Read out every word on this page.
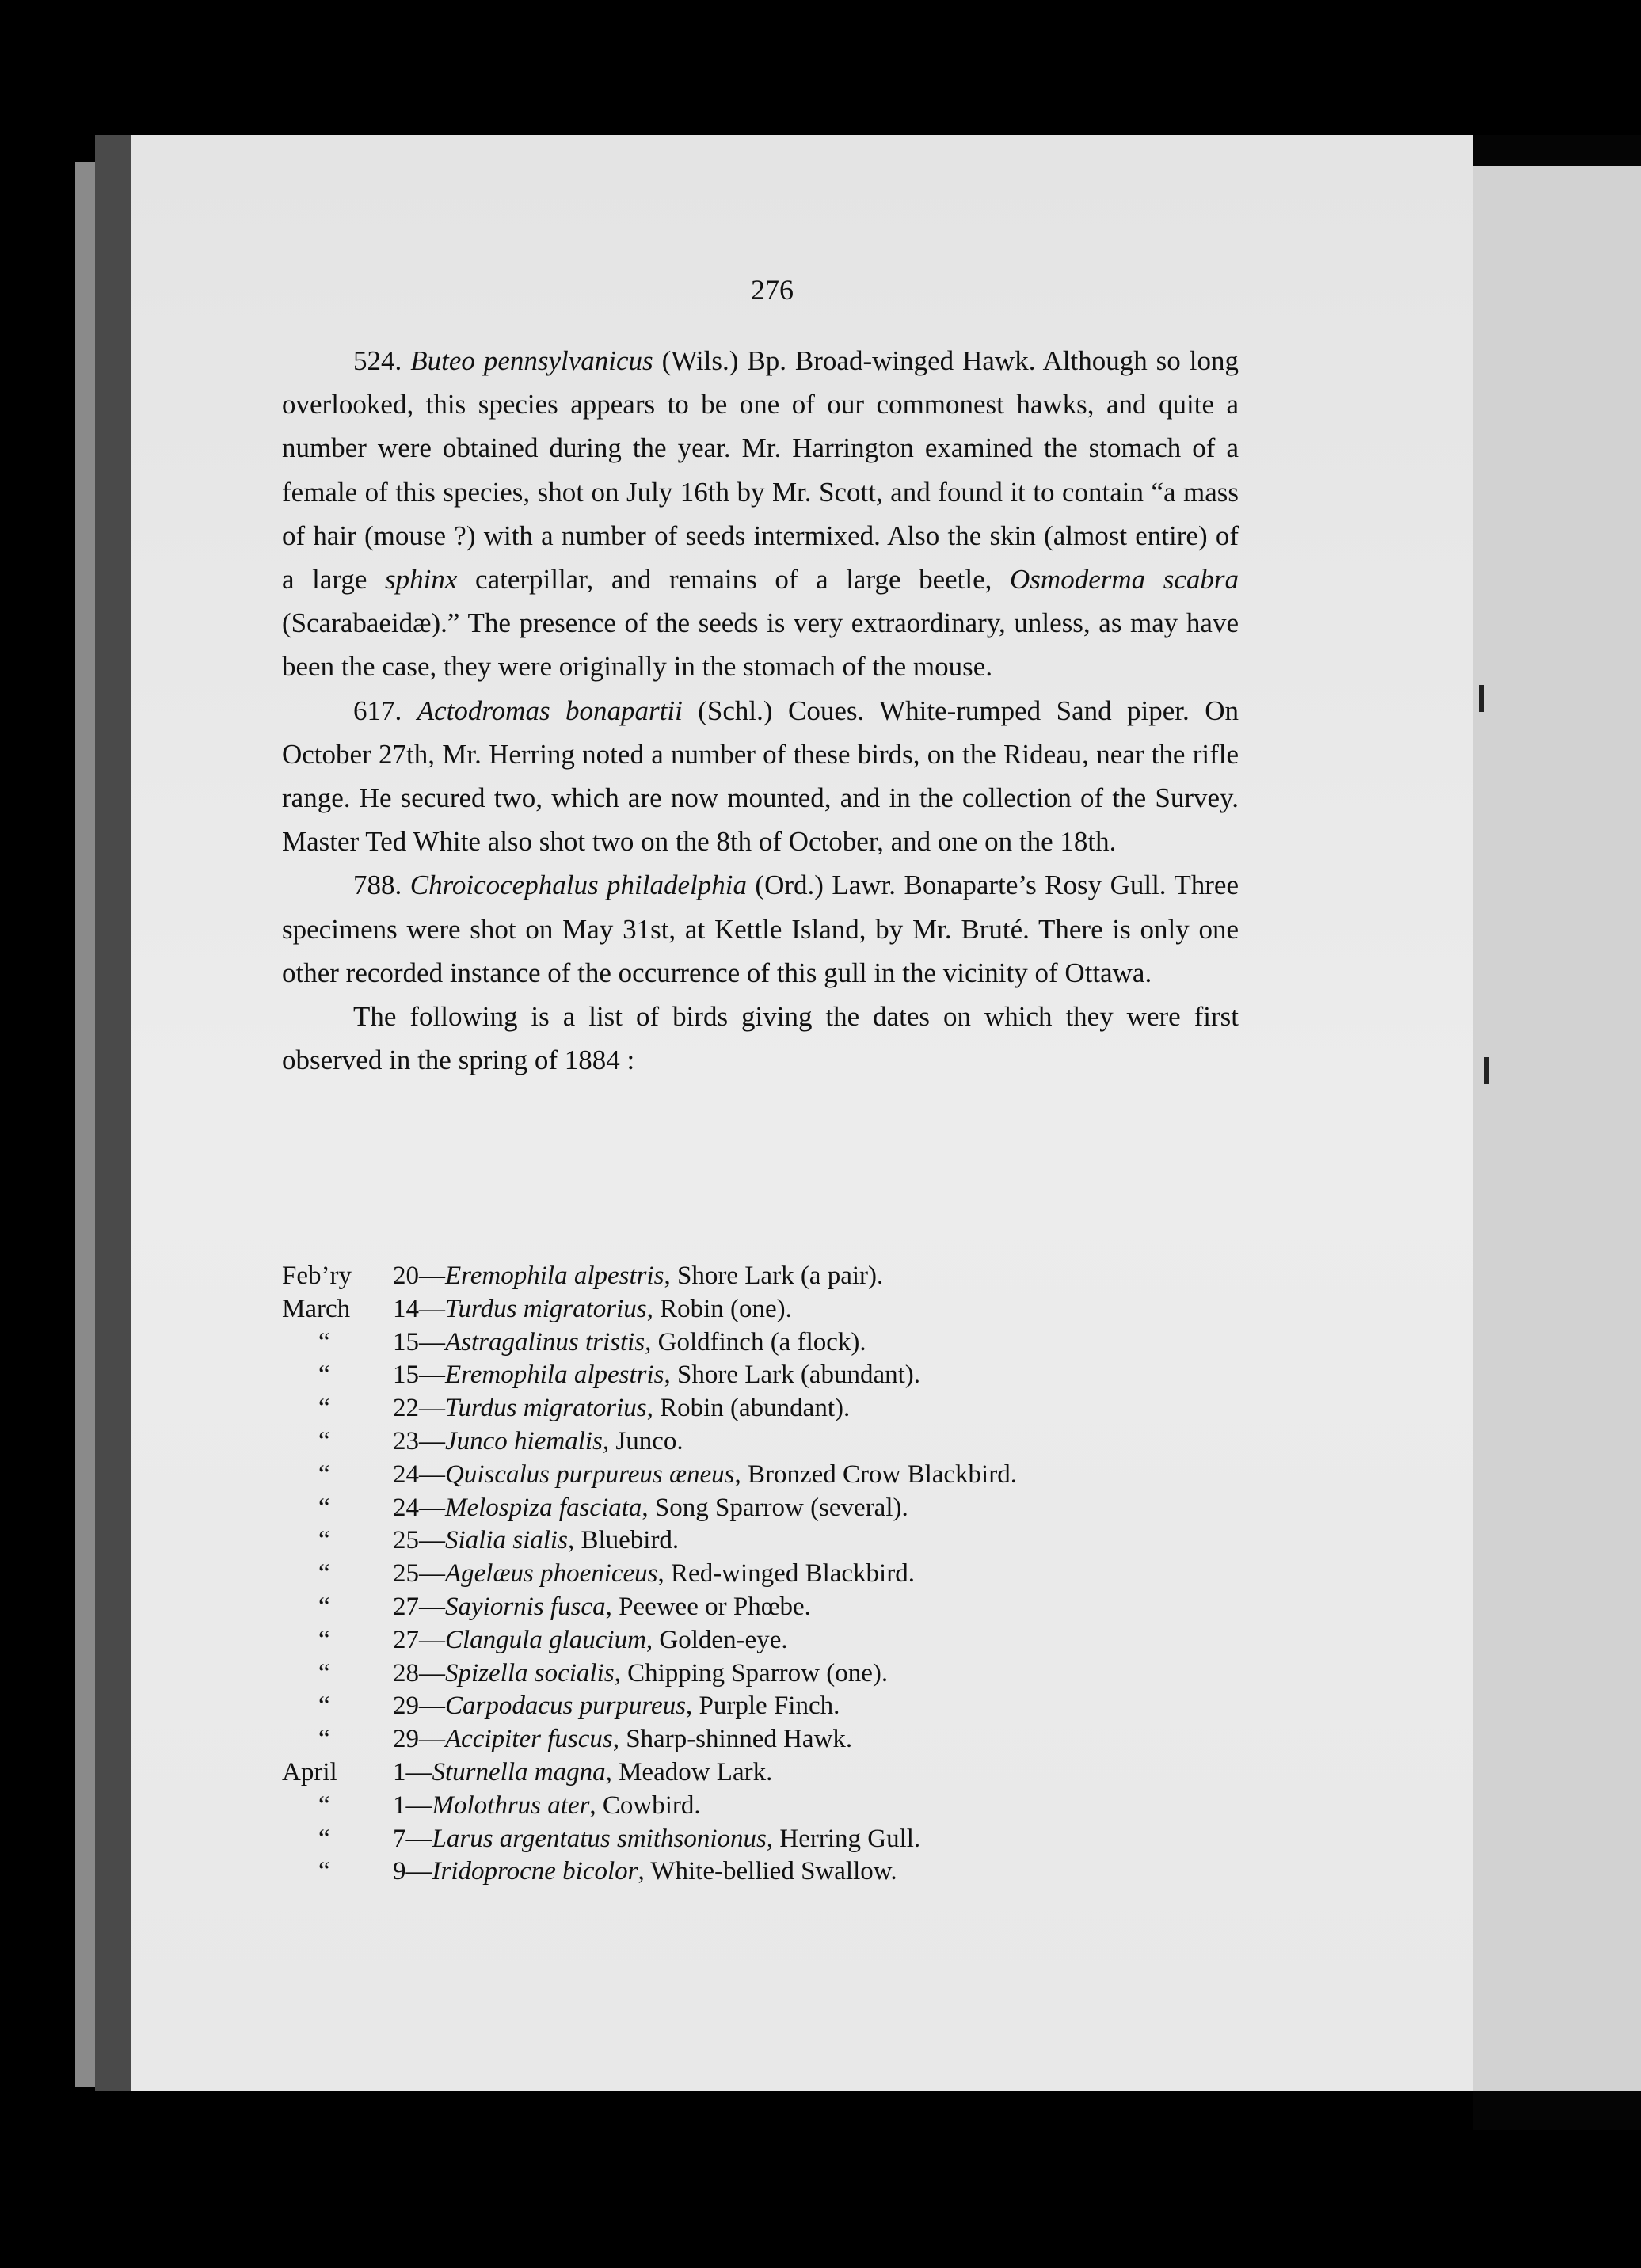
276

524. Buteo pennsylvanicus (Wils.) Bp. Broad-winged Hawk. Although so long overlooked, this species appears to be one of our commonest hawks, and quite a number were obtained during the year. Mr. Harrington examined the stomach of a female of this species, shot on July 16th by Mr. Scott, and found it to contain “a mass of hair (mouse ?) with a number of seeds intermixed. Also the skin (almost entire) of a large sphinx caterpillar, and remains of a large beetle, Osmoderma scabra (Scarabaeidæ).” The presence of the seeds is very extraordinary, unless, as may have been the case, they were originally in the stomach of the mouse.

617. Actodromas bonapartii (Schl.) Coues. White-rumped Sand piper. On October 27th, Mr. Herring noted a number of these birds, on the Rideau, near the rifle range. He secured two, which are now mounted, and in the collection of the Survey. Master Ted White also shot two on the 8th of October, and one on the 18th.

788. Chroicocephalus philadelphia (Ord.) Lawr. Bonaparte’s Rosy Gull. Three specimens were shot on May 31st, at Kettle Island, by Mr. Bruté. There is only one other recorded instance of the occurrence of this gull in the vicinity of Ottawa.

The following is a list of birds giving the dates on which they were first observed in the spring of 1884 :

Feb’ry 20—Eremophila alpestris, Shore Lark (a pair).
March 14—Turdus migratorius, Robin (one).
“ 15—Astragalinus tristis, Goldfinch (a flock).
“ 15—Eremophila alpestris, Shore Lark (abundant).
“ 22—Turdus migratorius, Robin (abundant).
“ 23—Junco hiemalis, Junco.
“ 24—Quiscalus purpureus æneus, Bronzed Crow Blackbird.
“ 24—Melospiza fasciata, Song Sparrow (several).
“ 25—Sialia sialis, Bluebird.
“ 25—Agelæus phoeniceus, Red-winged Blackbird.
“ 27—Sayiornis fusca, Peewee or Phœbe.
“ 27—Clangula glaucium, Golden-eye.
“ 28—Spizella socialis, Chipping Sparrow (one).
“ 29—Carpodacus purpureus, Purple Finch.
“ 29—Accipiter fuscus, Sharp-shinned Hawk.
April 1—Sturnella magna, Meadow Lark.
“ 1—Molothrus ater, Cowbird.
“ 7—Larus argentatus smithsonionus, Herring Gull.
“ 9—Iridoprocne bicolor, White-bellied Swallow.
